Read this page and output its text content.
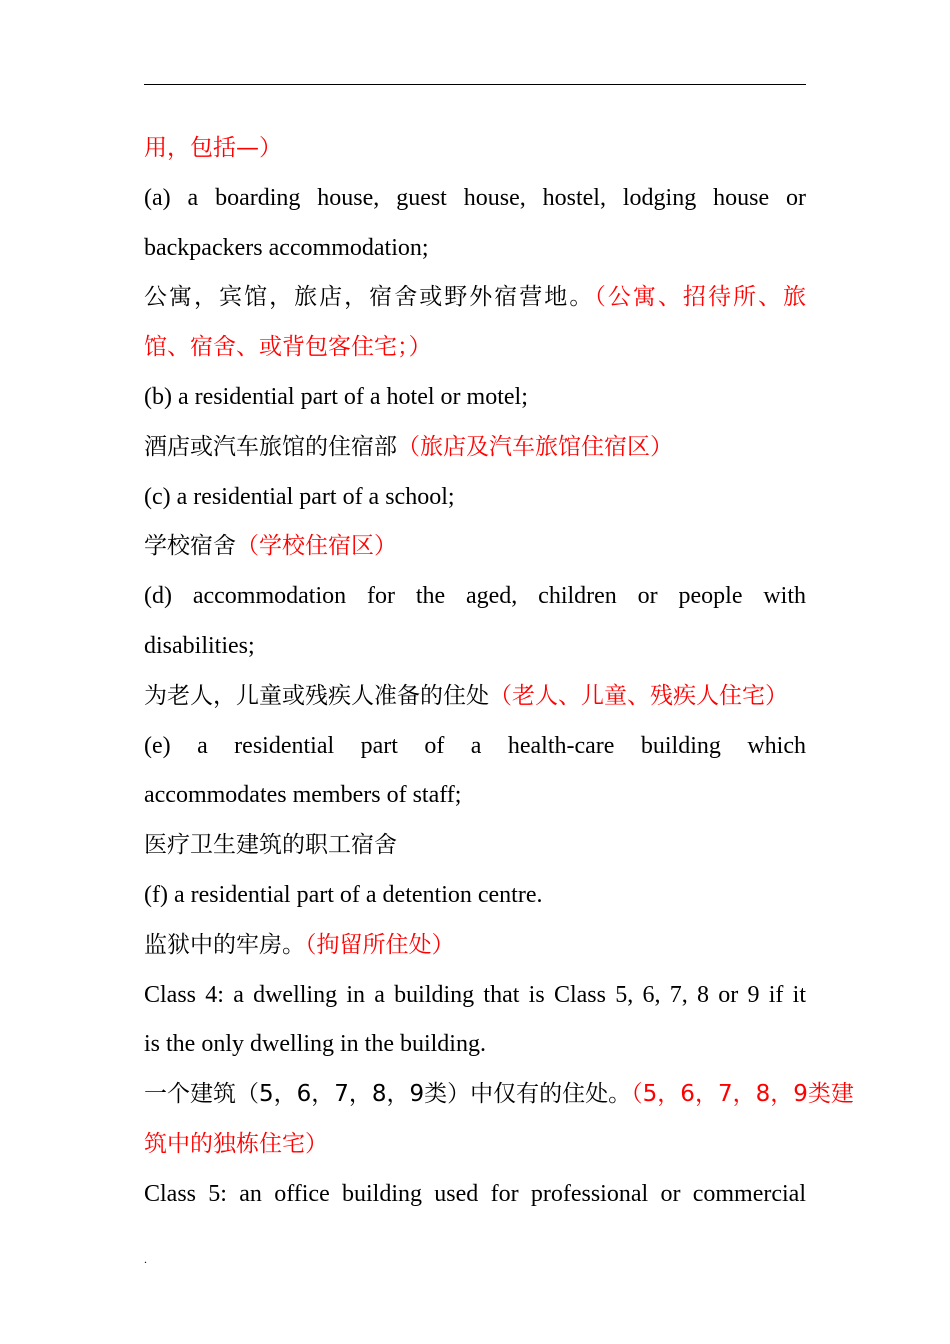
用，包括—）
(a) a boarding house, guest house, hostel, lodging house or
backpackers accommodation;
公寓，宾馆，旅店，宿舍或野外宿营地。（公寓、招待所、旅
馆、宿舍、或背包客住宅；）
(b) a residential part of a hotel or motel;
酒店或汽车旅馆的住宿部（旅店及汽车旅馆住宿区）
(c) a residential part of a school;
学校宿舍（学校住宿区）
(d) accommodation for the aged, children or people with
disabilities;
为老人，儿童或残疾人准备的住处（老人、儿童、残疾人住宅）
(e) a residential part of a health-care building which
accommodates members of staff;
医疗卫生建筑的职工宿舍
(f) a residential part of a detention centre.
监狱中的牢房。（拘留所住处）
Class 4: a dwelling in a building that is Class 5, 6, 7, 8 or 9 if it
is the only dwelling in the building.
一个建筑（5，6，7，8，9类）中仅有的住处。（5，6，7，8，9类建
筑中的独栋住宅）
Class 5: an office building used for professional or commercial
.
